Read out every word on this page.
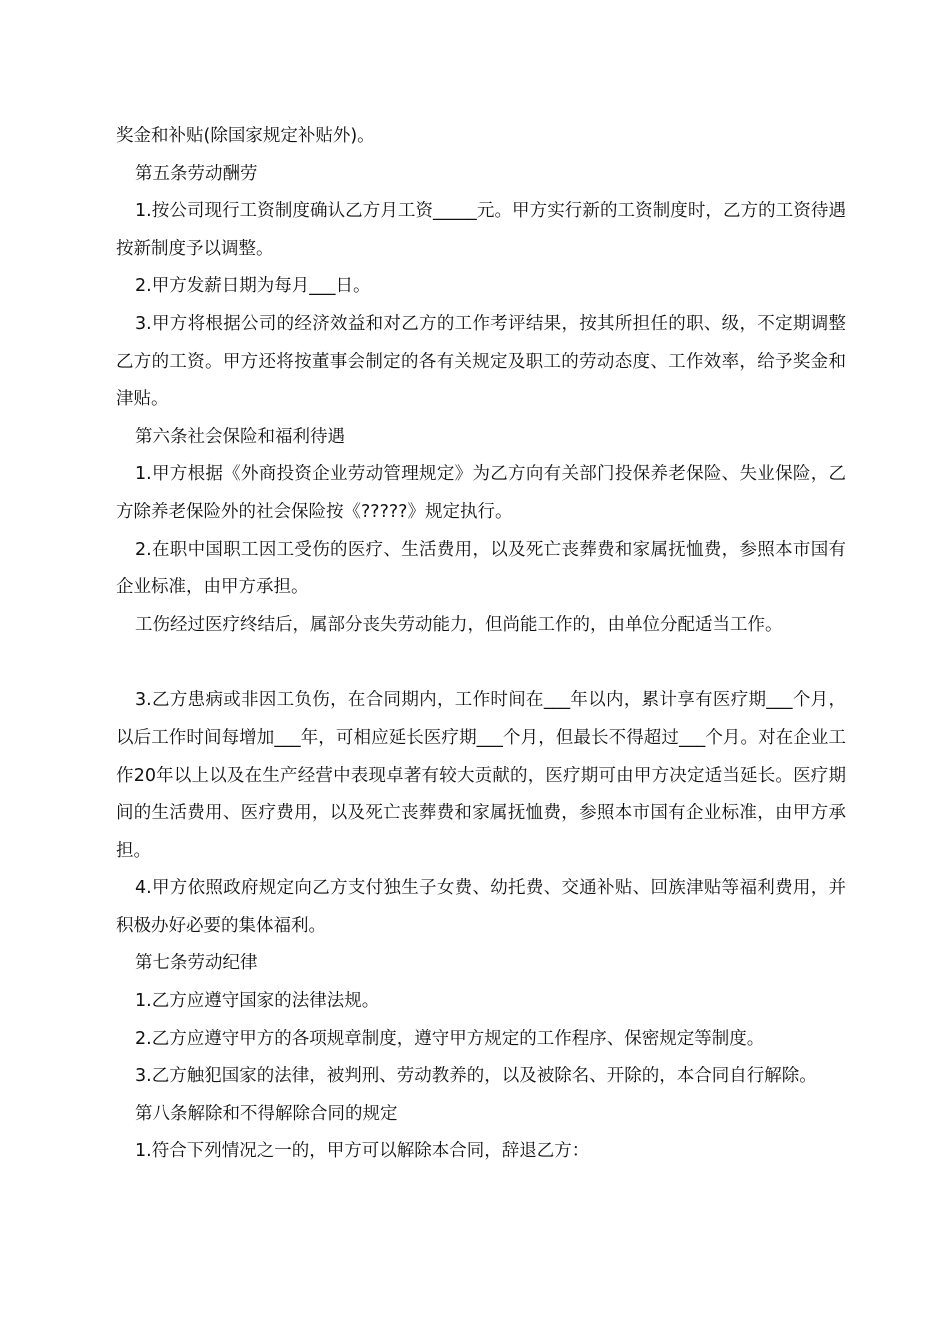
奖金和补贴(除国家规定补贴外)。

第五条劳动酬劳

1.按公司现行工资制度确认乙方月工资_____元。甲方实行新的工资制度时，乙方的工资待遇按新制度予以调整。

2.甲方发薪日期为每月___日。

3.甲方将根据公司的经济效益和对乙方的工作考评结果，按其所担任的职、级，不定期调整乙方的工资。甲方还将按董事会制定的各有关规定及职工的劳动态度、工作效率，给予奖金和津贴。

第六条社会保险和福利待遇

1.甲方根据《外商投资企业劳动管理规定》为乙方向有关部门投保养老保险、失业保险，乙方除养老保险外的社会保险按《?????》规定执行。

2.在职中国职工因工受伤的医疗、生活费用，以及死亡丧葬费和家属抚恤费，参照本市国有企业标准，由甲方承担。

工伤经过医疗终结后，属部分丧失劳动能力，但尚能工作的，由单位分配适当工作。

3.乙方患病或非因工负伤，在合同期内，工作时间在___年以内，累计享有医疗期___个月，以后工作时间每增加___年，可相应延长医疗期___个月，但最长不得超过___个月。对在企业工作20年以上以及在生产经营中表现卓著有较大贡献的，医疗期可由甲方决定适当延长。医疗期间的生活费用、医疗费用，以及死亡丧葬费和家属抚恤费，参照本市国有企业标准，由甲方承担。

4.甲方依照政府规定向乙方支付独生子女费、幼托费、交通补贴、回族津贴等福利费用，并积极办好必要的集体福利。

第七条劳动纪律

1.乙方应遵守国家的法律法规。

2.乙方应遵守甲方的各项规章制度，遵守甲方规定的工作程序、保密规定等制度。

3.乙方触犯国家的法律，被判刑、劳动教养的，以及被除名、开除的，本合同自行解除。

第八条解除和不得解除合同的规定

1.符合下列情况之一的，甲方可以解除本合同，辞退乙方：
